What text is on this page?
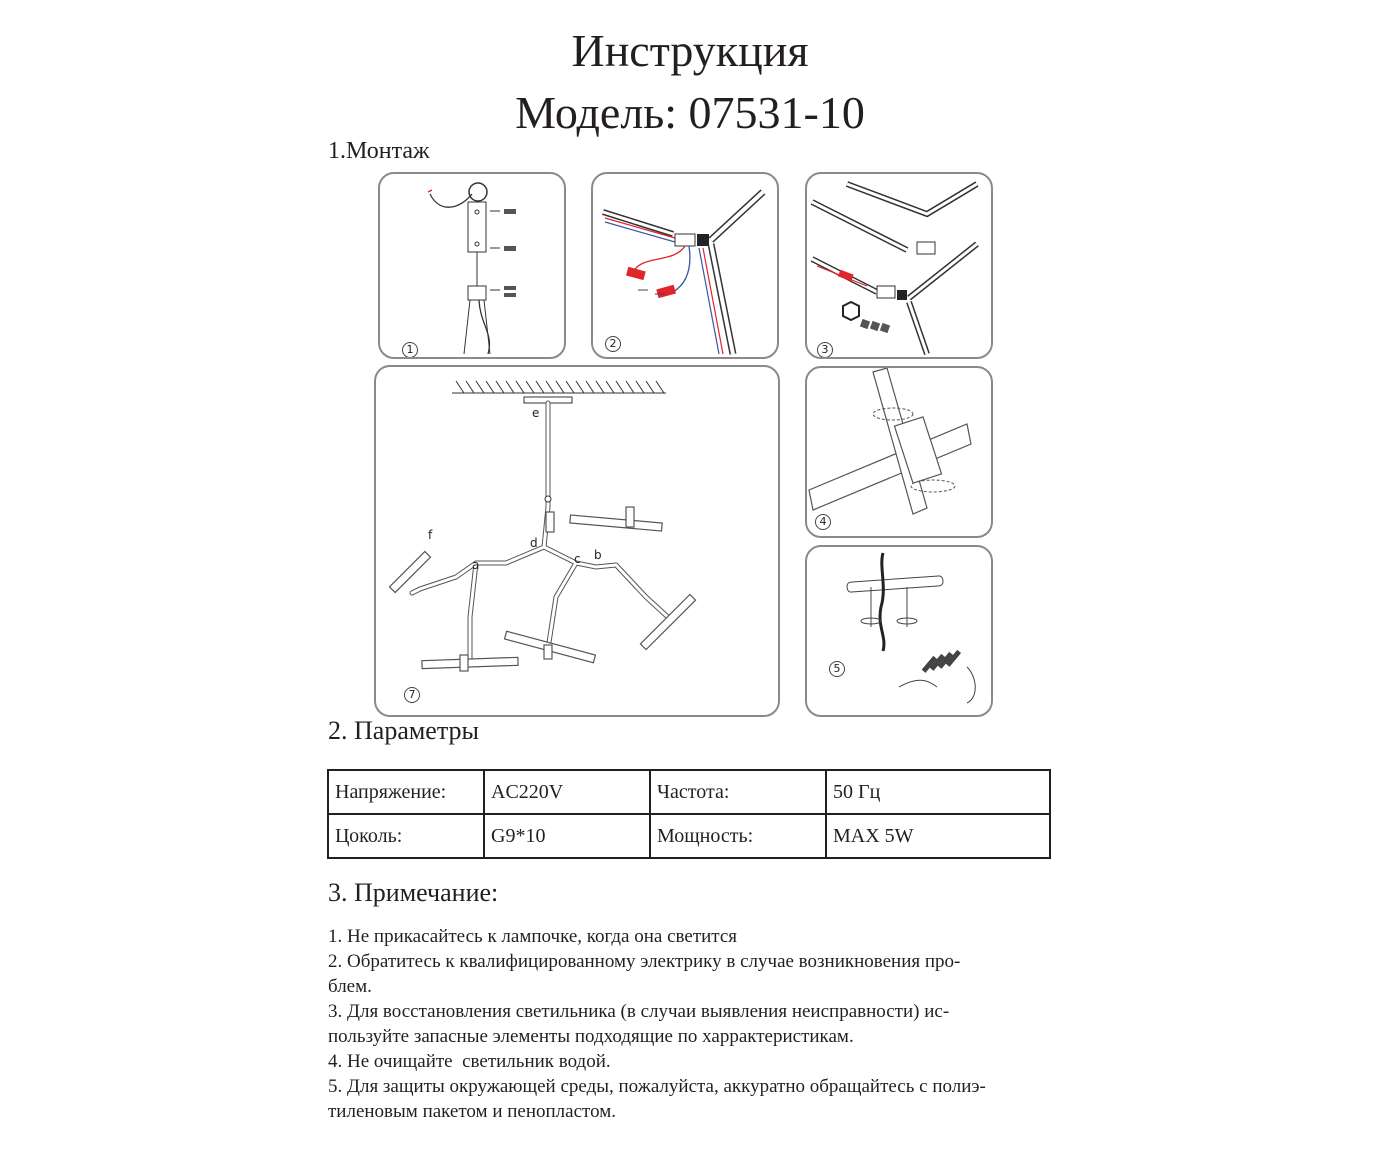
Инструкция
Модель: 07531-10
1.Монтаж
1	2	3
e
d
c b
a
f
7
4
5
2. Параметры
Напряжение:	AC220V	Частота:	50 Гц
Цоколь:	G9*10	Мощность:	MAX 5W
3. Примечание:
1. Не прикасайтесь к лампочке, когда она светится
2. Обратитесь к квалифицированному электрику в случае возникновения про-
блем.
3. Для восстановления светильника (в случаи выявления неисправности) ис-
пользуйте запасные элементы подходящие по харрактеристикам.
4. Не очищайте  светильник водой.
5. Для защиты окружающей среды, пожалуйста, аккуратно обращайтесь с полиэ-
тиленовым пакетом и пенопластом.
